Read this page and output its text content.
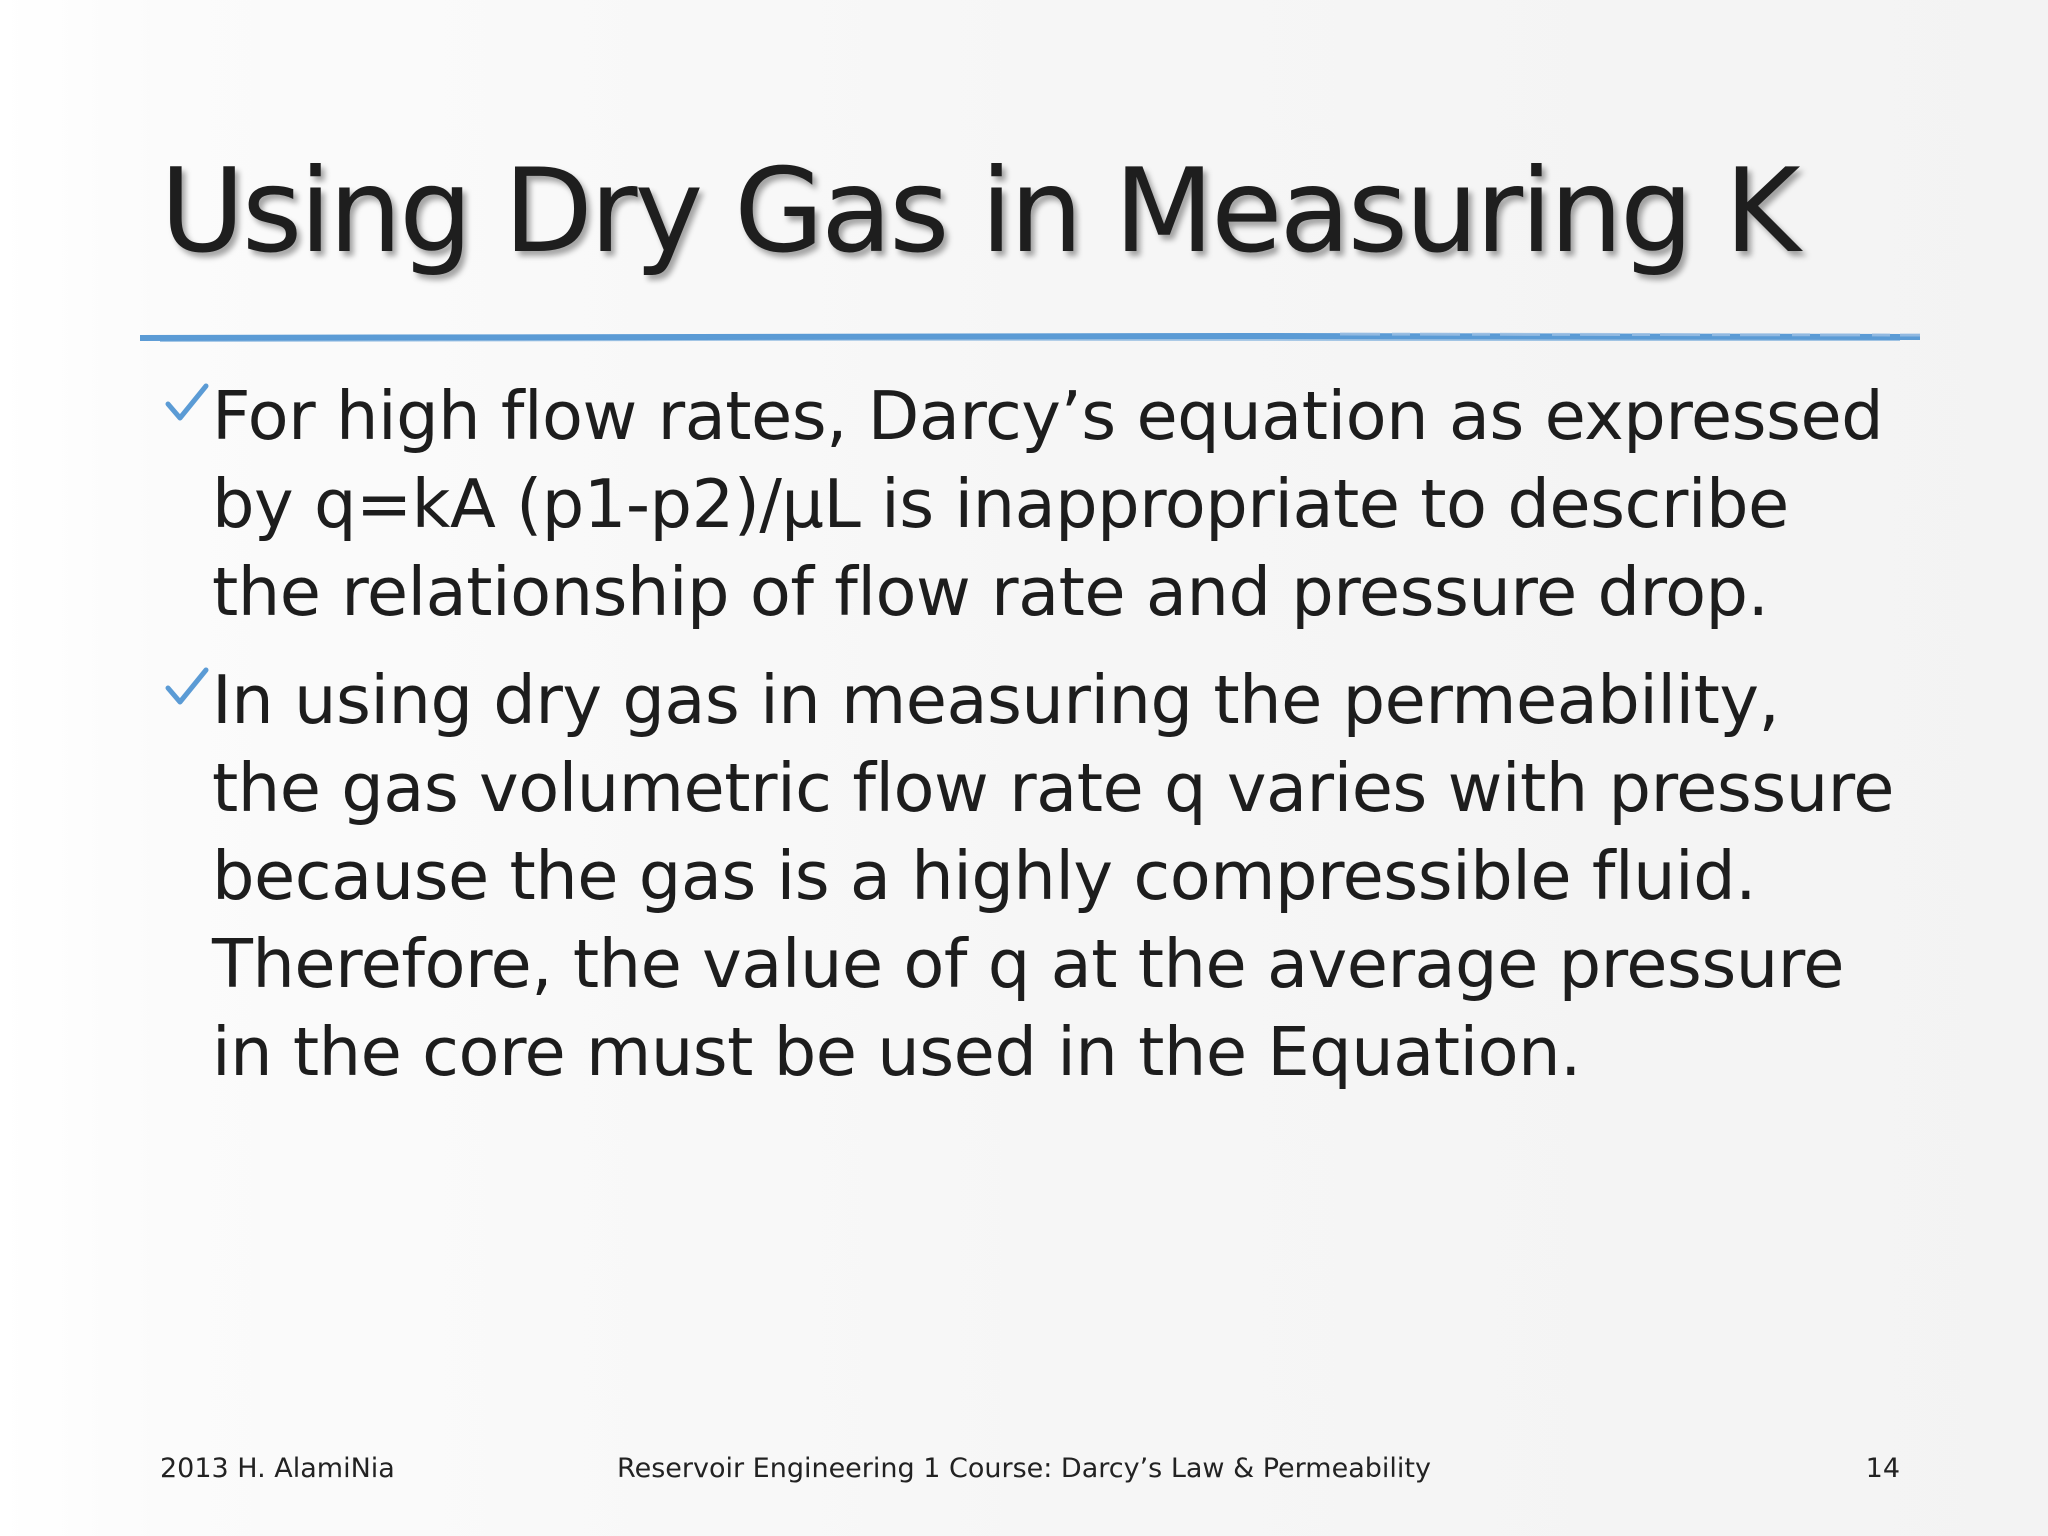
Using Dry Gas in Measuring K
For high flow rates, Darcy’s equation as expressed by q=kA (p1-p2)/µL is inappropriate to describe the relationship of flow rate and pressure drop.
In using dry gas in measuring the permeability, the gas volumetric flow rate q varies with pressure because the gas is a highly compressible fluid. Therefore, the value of q at the average pressure in the core must be used in the Equation.
2013 H. AlamiNia	Reservoir Engineering 1 Course: Darcy’s Law & Permeability	14
